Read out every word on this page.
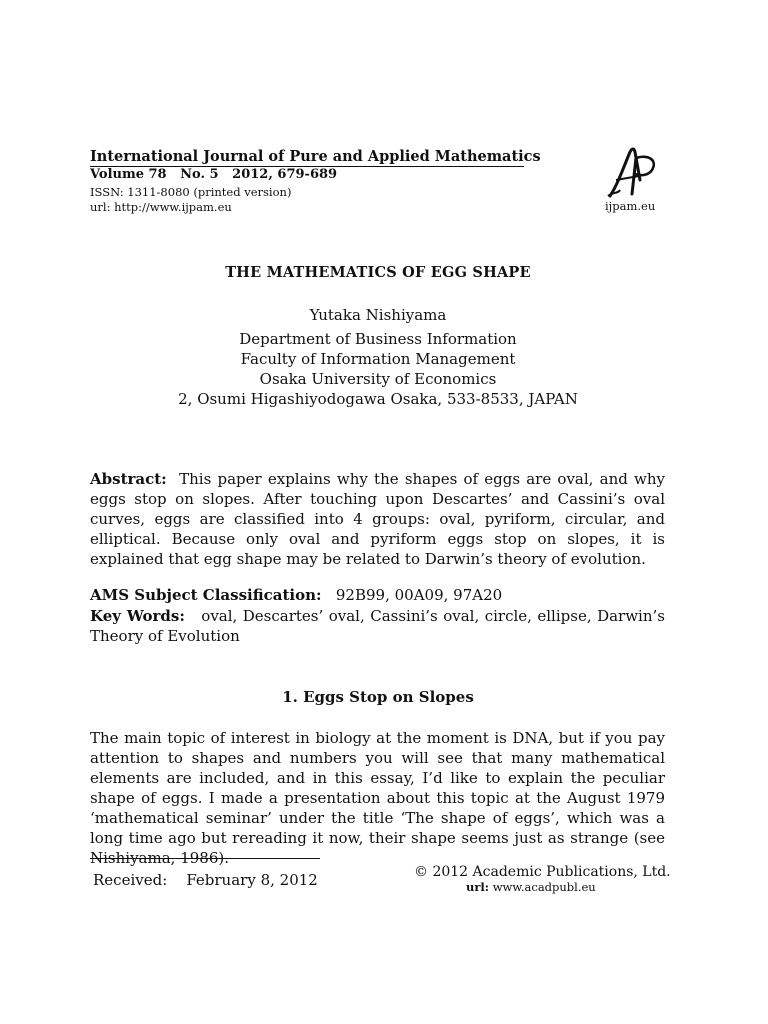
International Journal of Pure and Applied Mathematics
Volume 78   No. 5   2012, 679-689
ISSN: 1311-8080 (printed version)
url: http://www.ijpam.eu	ijpam.eu
THE MATHEMATICS OF EGG SHAPE
Yutaka Nishiyama
Department of Business Information
Faculty of Information Management
Osaka University of Economics
2, Osumi Higashiyodogawa Osaka, 533-8533, JAPAN
Abstract: This paper explains why the shapes of eggs are oval, and why eggs stop on slopes. After touching upon Descartes’ and Cassini’s oval curves, eggs are classified into 4 groups: oval, pyriform, circular, and elliptical. Because only oval and pyriform eggs stop on slopes, it is explained that egg shape may be related to Darwin’s theory of evolution.
AMS Subject Classification: 92B99, 00A09, 97A20
Key Words: oval, Descartes’ oval, Cassini’s oval, circle, ellipse, Darwin’s Theory of Evolution
1. Eggs Stop on Slopes
The main topic of interest in biology at the moment is DNA, but if you pay attention to shapes and numbers you will see that many mathematical elements are included, and in this essay, I’d like to explain the peculiar shape of eggs. I made a presentation about this topic at the August 1979 ‘mathematical seminar’ under the title ‘The shape of eggs’, which was a long time ago but rereading it now, their shape seems just as strange (see Nishiyama, 1986).
Received:    February 8, 2012	© 2012 Academic Publications, Ltd.
url: www.acadpubl.eu
